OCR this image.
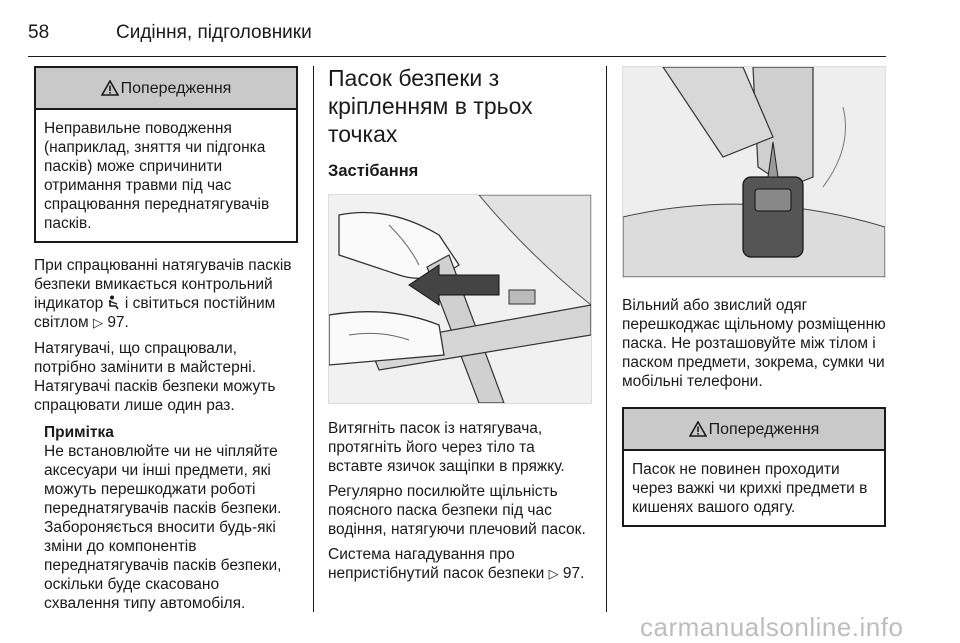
58	Сидіння, підголовники
Попередження
Неправильне поводження (наприклад, зняття чи підгонка пасків) може спричинити отримання травми під час спрацювання переднатягувачів пасків.

При спрацюванні натягувачів пасків безпеки вмикається контрольний індикатор і світиться постійним світлом ▷ 97.

Натягувачі, що спрацювали, потрібно замінити в майстерні. Натягувачі пасків безпеки можуть спрацювати лише один раз.

Примітка
Не встановлюйте чи не чіпляйте аксесуари чи інші предмети, які можуть перешкоджати роботі переднатягувачів пасків безпеки. Забороняється вносити будь-які зміни до компонентів переднатягувачів пасків безпеки, оскільки буде скасовано схвалення типу автомобіля.
Пасок безпеки з кріпленням в трьох точках
Застібання

Витягніть пасок із натягувача, протягніть його через тіло та вставте язичок защіпки в пряжку.

Регулярно посилюйте щільність поясного паска безпеки під час водіння, натягуючи плечовий пасок.

Система нагадування про непристібнутий пасок безпеки ▷ 97.

Вільний або звислий одяг перешкоджає щільному розміщенню паска. Не розташовуйте між тілом і паском предмети, зокрема, сумки чи мобільні телефони.

Попередження
Пасок не повинен проходити через важкі чи крихкі предмети в кишенях вашого одягу.
carmanualsonline.info
